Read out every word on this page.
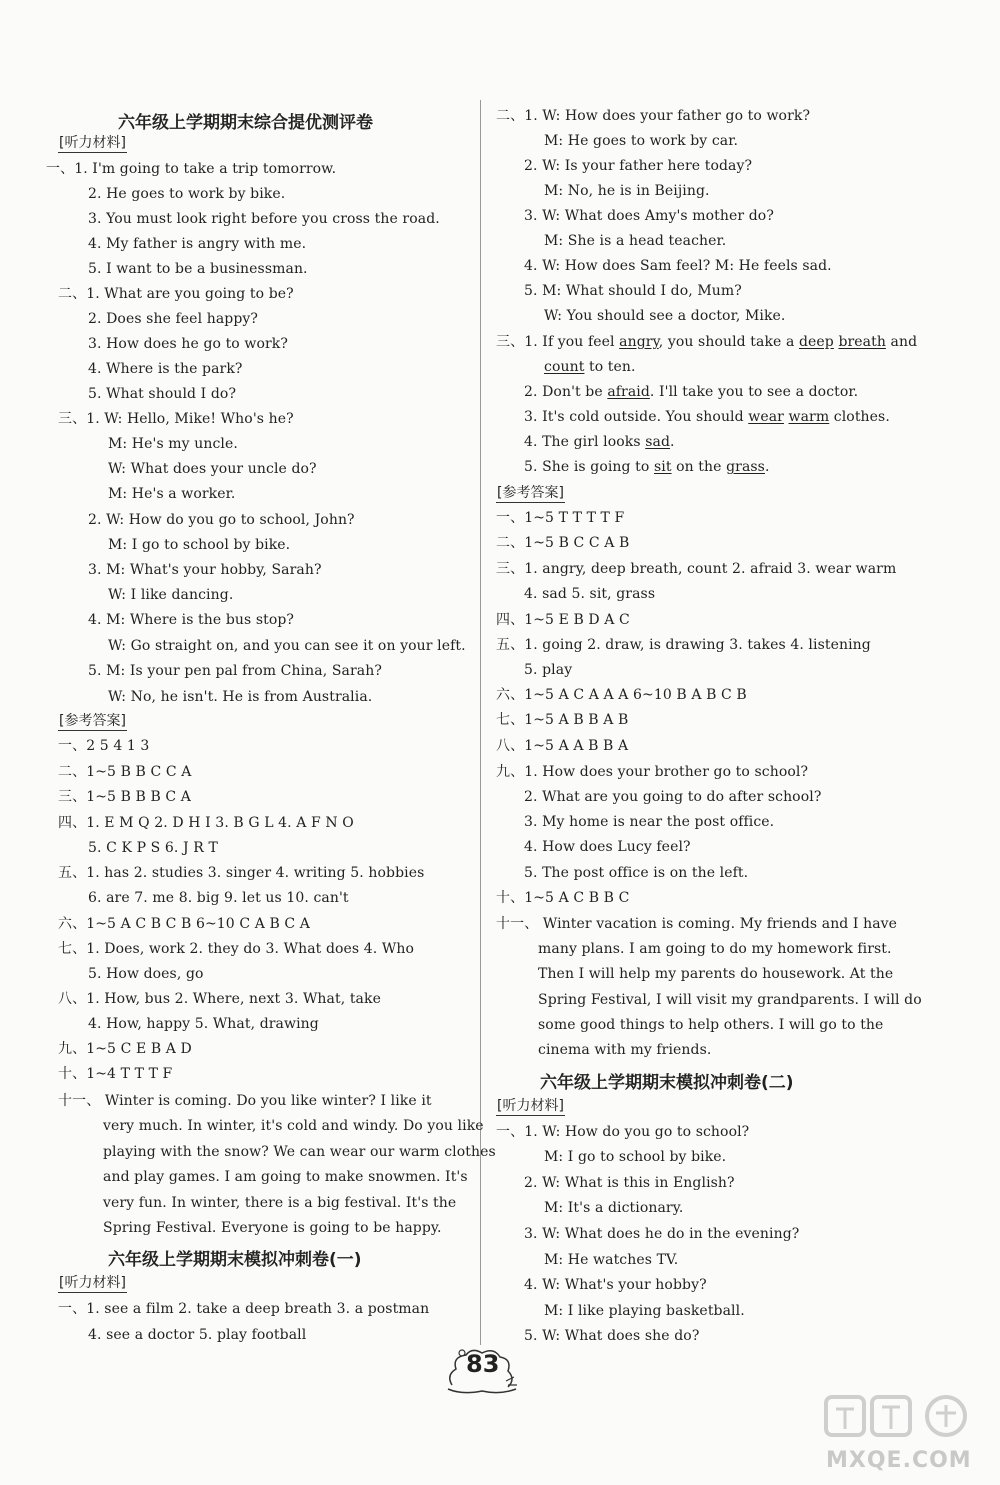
六年级上学期期末综合提优测评卷
[ 听力材料 ]
一、1. I'm going to take a trip tomorrow.
2. He goes to work by bike.
3. You must look right before you cross the road.
4. My father is angry with me.
5. I want to be a businessman.
二、1. What are you going to be?
2. Does she feel happy?
3. How does he go to work?
4. Where is the park?
5. What should I do?
三、1. W: Hello, Mike! Who's he?
M: He's my uncle.
W: What does your uncle do?
M: He's a worker.
2. W: How do you go to school, John?
M: I go to school by bike.
3. M: What's your hobby, Sarah?
W: I like dancing.
4. M: Where is the bus stop?
W: Go straight on, and you can see it on your left.
5. M: Is your pen pal from China, Sarah?
W: No, he isn't. He is from Australia.
[ 参考答案 ]
一、2 5 4 1 3
二、1~5 B B C C A
三、1~5 B B B C A
四、1. E M Q 2. D H I 3. B G L 4. A F N O
5. C K P S 6. J R T
五、1. has 2. studies 3. singer 4. writing 5. hobbies
6. are 7. me 8. big 9. let us 10. can't
六、1~5 A C B C B 6~10 C A B C A
七、1. Does, work 2. they do 3. What does 4. Who
5. How does, go
八、1. How, bus 2. Where, next 3. What, take
4. How, happy 5. What, drawing
九、1~5 C E B A D
十、1~4 T T T F
十一、 Winter is coming. Do you like winter? I like it
very much. In winter, it's cold and windy. Do you like
playing with the snow? We can wear our warm clothes
and play games. I am going to make snowmen. It's
very fun. In winter, there is a big festival. It's the
Spring Festival. Everyone is going to be happy.
六年级上学期期末模拟冲刺卷(一)
[ 听力材料 ]
一、1. see a film 2. take a deep breath 3. a postman
4. see a doctor 5. play football
二、1. W: How does your father go to work?
M: He goes to work by car.
2. W: Is your father here today?
M: No, he is in Beijing.
3. W: What does Amy's mother do?
M: She is a head teacher.
4. W: How does Sam feel? M: He feels sad.
5. M: What should I do, Mum?
W: You should see a doctor, Mike.
三、1. If you feel angry, you should take a deep breath and
count to ten.
2. Don't be afraid. I'll take you to see a doctor.
3. It's cold outside. You should wear warm clothes.
4. The girl looks sad.
5. She is going to sit on the grass.
[ 参考答案 ]
一、1~5 T T T T F
二、1~5 B C C A B
三、1. angry, deep breath, count 2. afraid 3. wear warm
4. sad 5. sit, grass
四、1~5 E B D A C
五、1. going 2. draw, is drawing 3. takes 4. listening
5. play
六、1~5 A C A A A 6~10 B A B C B
七、1~5 A B B A B
八、1~5 A A B B A
九、1. How does your brother go to school?
2. What are you going to do after school?
3. My home is near the post office.
4. How does Lucy feel?
5. The post office is on the left.
十、1~5 A C B B C
十一、 Winter vacation is coming. My friends and I have
many plans. I am going to do my homework first.
Then I will help my parents do housework. At the
Spring Festival, I will visit my grandparents. I will do
some good things to help others. I will go to the
cinema with my friends.
六年级上学期期末模拟冲刺卷(二)
[ 听力材料 ]
一、1. W: How do you go to school?
M: I go to school by bike.
2. W: What is this in English?
M: It's a dictionary.
3. W: What does he do in the evening?
M: He watches TV.
4. W: What's your hobby?
M: I like playing basketball.
5. W: What does she do?
83
MXQE.COM
